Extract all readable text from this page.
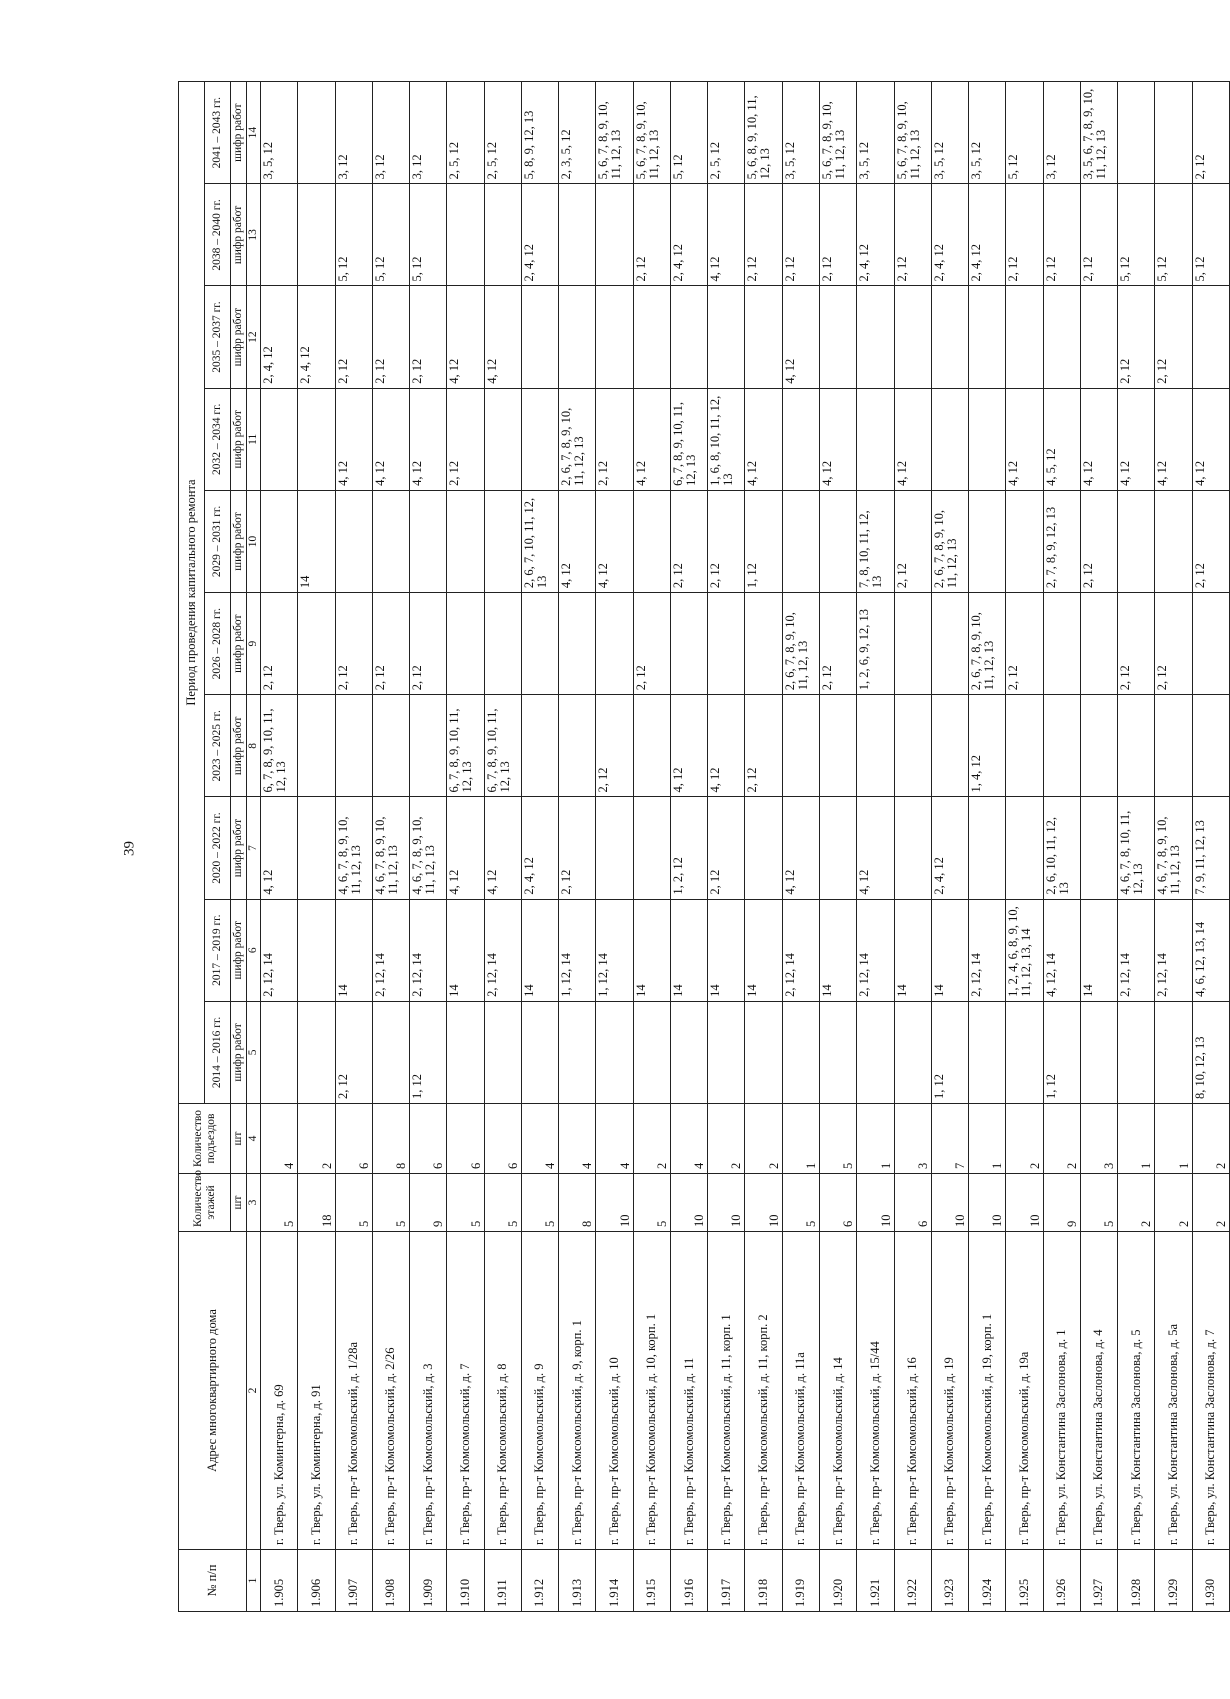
39
№ п/п	Адрес многоквартирного дома	Количество этажей	Количество подъездов	Период проведения капитального ремонта									
				2014 – 2016 гг.	2017 – 2019 гг.	2020 – 2022 гг.	2023 – 2025 гг.	2026 – 2028 гг.	2029 – 2031 гг.	2032 – 2034 гг.	2035 – 2037 гг.	2038 – 2040 гг.	2041 – 2043 гг.
		шт	шт	шифр работ	шифр работ	шифр работ	шифр работ	шифр работ	шифр работ	шифр работ	шифр работ	шифр работ	шифр работ
1	2	3	4	5	6	7	8	9	10	11	12	13	14
1.905	г. Тверь, ул. Коминтерна, д. 69	5	4		2, 12, 14	4, 12	6, 7, 8, 9, 10, 11, 12, 13	2, 12			2, 4, 12		3, 5, 12
1.906	г. Тверь, ул. Коминтерна, д. 91	18	2						14		2, 4, 12		
1.907	г. Тверь, пр-т Комсомольский, д. 1/28а	5	6	2, 12	14	4, 6, 7, 8, 9, 10, 11, 12, 13		2, 12		4, 12	2, 12	5, 12	3, 12
1.908	г. Тверь, пр-т Комсомольский, д. 2/26	5	8		2, 12, 14	4, 6, 7, 8, 9, 10, 11, 12, 13		2, 12		4, 12	2, 12	5, 12	3, 12
1.909	г. Тверь, пр-т Комсомольский, д. 3	9	6	1, 12	2, 12, 14	4, 6, 7, 8, 9, 10, 11, 12, 13		2, 12		4, 12	2, 12	5, 12	3, 12
1.910	г. Тверь, пр-т Комсомольский, д. 7	5	6		14	4, 12	6, 7, 8, 9, 10, 11, 12, 13			2, 12	4, 12		2, 5, 12
1.911	г. Тверь, пр-т Комсомольский, д. 8	5	6		2, 12, 14	4, 12	6, 7, 8, 9, 10, 11, 12, 13				4, 12		2, 5, 12
1.912	г. Тверь, пр-т Комсомольский, д. 9	5	4		14	2, 4, 12			2, 6, 7, 10, 11, 12, 13			2, 4, 12	5, 8, 9, 12, 13
1.913	г. Тверь, пр-т Комсомольский, д. 9, корп. 1	8	4		1, 12, 14	2, 12			4, 12	2, 6, 7, 8, 9, 10, 11, 12, 13			2, 3, 5, 12
1.914	г. Тверь, пр-т Комсомольский, д. 10	10	4		1, 12, 14		2, 12		4, 12	2, 12			5, 6, 7, 8, 9, 10, 11, 12, 13
1.915	г. Тверь, пр-т Комсомольский, д. 10, корп. 1	5	2		14			2, 12		4, 12		2, 12	5, 6, 7, 8, 9, 10, 11, 12, 13
1.916	г. Тверь, пр-т Комсомольский, д. 11	10	4		14	1, 2, 12	4, 12		2, 12	6, 7, 8, 9, 10, 11, 12, 13		2, 4, 12	5, 12
1.917	г. Тверь, пр-т Комсомольский, д. 11, корп. 1	10	2		14	2, 12	4, 12		2, 12	1, 6, 8, 10, 11, 12, 13		4, 12	2, 5, 12
1.918	г. Тверь, пр-т Комсомольский, д. 11, корп. 2	10	2		14		2, 12		1, 12	4, 12		2, 12	5, 6, 8, 9, 10, 11, 12, 13
1.919	г. Тверь, пр-т Комсомольский, д. 11а	5	1		2, 12, 14	4, 12		2, 6, 7, 8, 9, 10, 11, 12, 13			4, 12	2, 12	3, 5, 12
1.920	г. Тверь, пр-т Комсомольский, д. 14	6	5		14			2, 12		4, 12		2, 12	5, 6, 7, 8, 9, 10, 11, 12, 13
1.921	г. Тверь, пр-т Комсомольский, д. 15/44	10	1		2, 12, 14	4, 12		1, 2, 6, 9, 12, 13	7, 8, 10, 11, 12, 13			2, 4, 12	3, 5, 12
1.922	г. Тверь, пр-т Комсомольский, д. 16	6	3		14				2, 12	4, 12		2, 12	5, 6, 7, 8, 9, 10, 11, 12, 13
1.923	г. Тверь, пр-т Комсомольский, д. 19	10	7	1, 12	14	2, 4, 12			2, 6, 7, 8, 9, 10, 11, 12, 13			2, 4, 12	3, 5, 12
1.924	г. Тверь, пр-т Комсомольский, д. 19, корп. 1	10	1		2, 12, 14		1, 4, 12	2, 6, 7, 8, 9, 10, 11, 12, 13				2, 4, 12	3, 5, 12
1.925	г. Тверь, пр-т Комсомольский, д. 19а	10	2		1, 2, 4, 6, 8, 9, 10, 11, 12, 13, 14			2, 12		4, 12		2, 12	5, 12
1.926	г. Тверь, ул. Константина Заслонова, д. 1	9	2	1, 12	4, 12, 14	2, 6, 10, 11, 12, 13			2, 7, 8, 9, 12, 13	4, 5, 12		2, 12	3, 12
1.927	г. Тверь, ул. Константина Заслонова, д. 4	5	3		14				2, 12	4, 12		2, 12	3, 5, 6, 7, 8, 9, 10, 11, 12, 13
1.928	г. Тверь, ул. Константина Заслонова, д. 5	2	1		2, 12, 14	4, 6, 7, 8, 10, 11, 12, 13		2, 12		4, 12	2, 12	5, 12	
1.929	г. Тверь, ул. Константина Заслонова, д. 5а	2	1		2, 12, 14	4, 6, 7, 8, 9, 10, 11, 12, 13		2, 12		4, 12	2, 12	5, 12	
1.930	г. Тверь, ул. Константина Заслонова, д. 7	2	2	8, 10, 12, 13	4, 6, 12, 13, 14	7, 9, 11, 12, 13			2, 12	4, 12		5, 12	2, 12
